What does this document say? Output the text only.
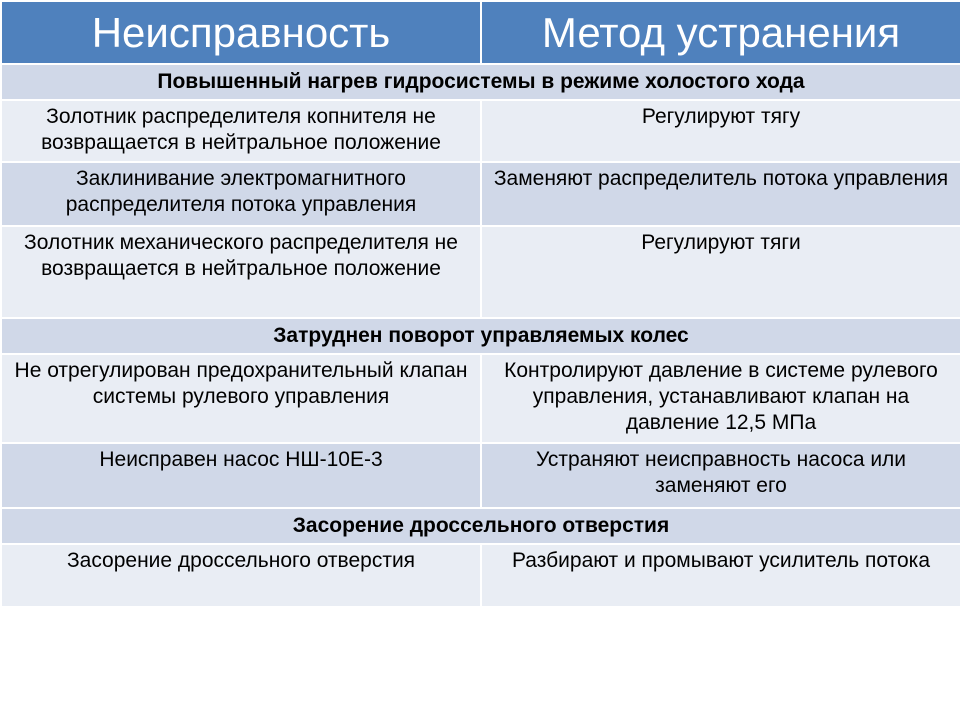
Неисправность	Метод устранения
Повышенный нагрев гидросистемы в режиме холостого хода	
Золотник распределителя копнителя не возвращается в нейтральное положение	Регулируют тягу
Заклинивание электромагнитного распределителя потока управления	Заменяют распределитель потока управления
Золотник механического распределителя не возвращается в нейтральное положение	Регулируют тяги
Затруднен поворот управляемых колес	
Не отрегулирован предохранительный клапан системы рулевого управления	Контролируют давление в системе рулевого управления, устанавливают клапан на давление 12,5 МПа
Неисправен насос НШ-10Е-3	Устраняют неисправность насоса или заменяют его
Засорение дроссельного отверстия	
Засорение дроссельного отверстия	Разбирают и промывают усилитель потока
